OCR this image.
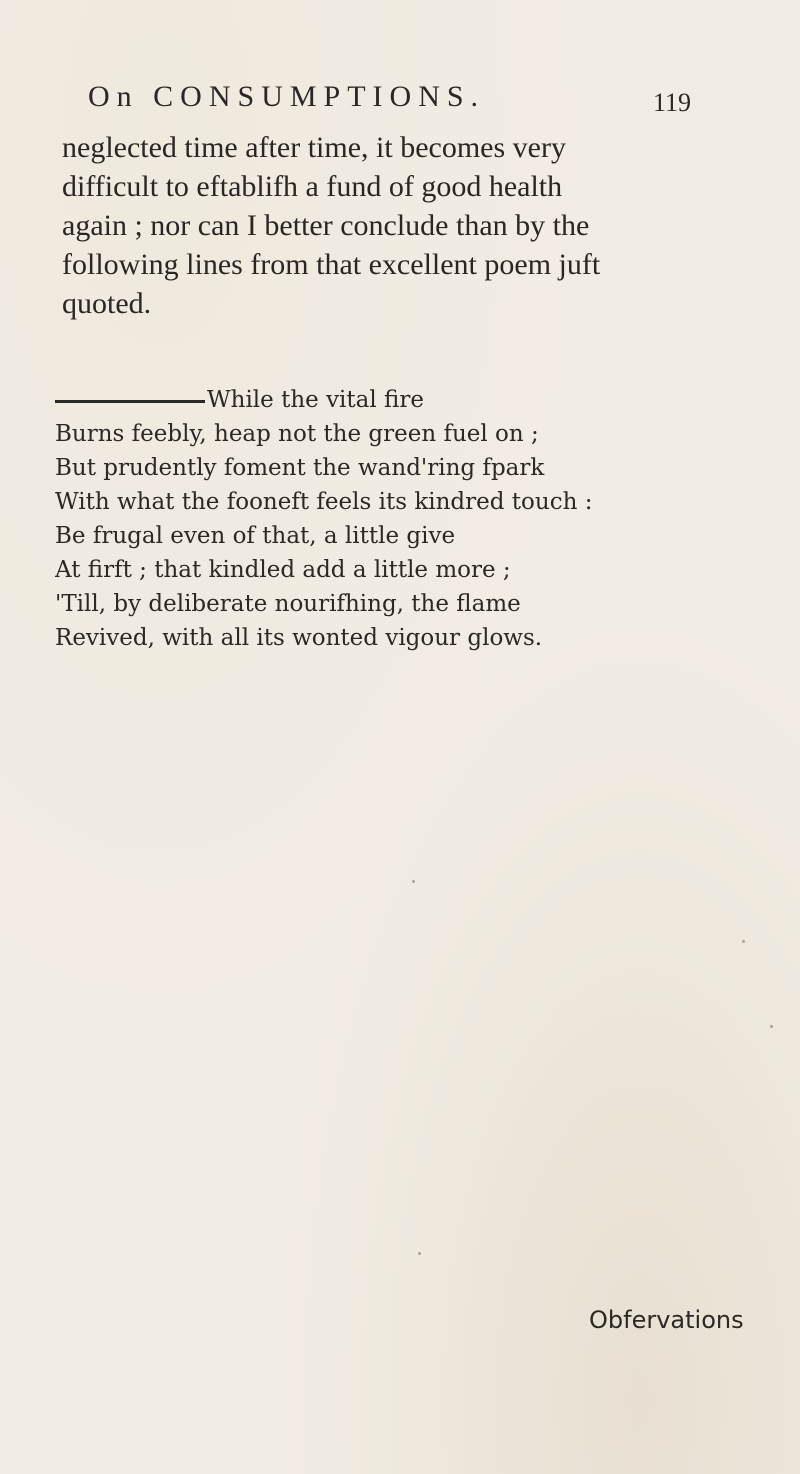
On CONSUMPTIONS.	119
neglected time after time, it becomes very
difficult to eftablifh a fund of good health
again ; nor can I better conclude than by the
following lines from that excellent poem juft
quoted.
While the vital fire
Burns feebly, heap not the green fuel on ;
But prudently foment the wand'ring fpark
With what the fooneft feels its kindred touch :
Be frugal even of that, a little give
At firft ; that kindled add a little more ;
'Till, by deliberate nourifhing, the flame
Revived, with all its wonted vigour glows.
Obfervations
